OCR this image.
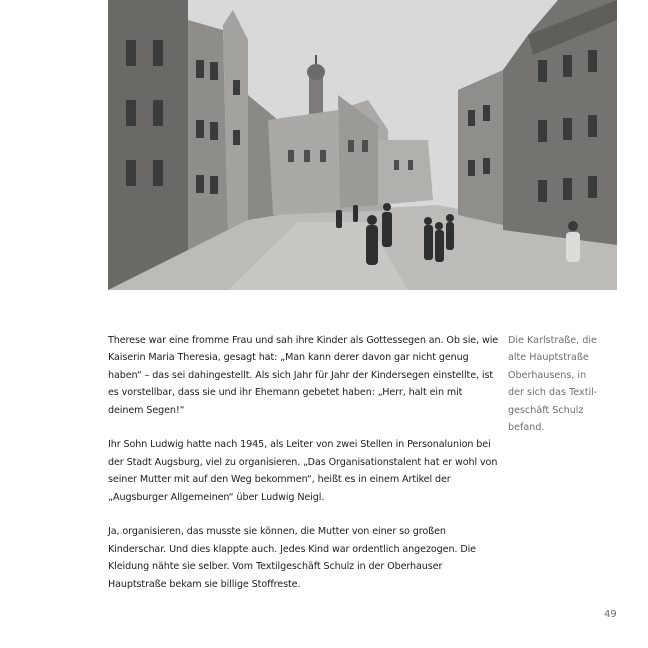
Therese war eine fromme Frau und sah ihre Kinder als Gottessegen an. Ob sie, wie Kaiserin Maria Theresia, gesagt hat: „Man kann derer davon gar nicht genug haben“ – das sei dahingestellt. Als sich Jahr für Jahr der Kindersegen einstellte, ist es vorstellbar, dass sie und ihr Ehemann gebetet haben: „Herr, halt ein mit deinem Segen!“

Ihr Sohn Ludwig hatte nach 1945, als Leiter von zwei Stellen in Personalunion bei der Stadt Augsburg, viel zu organisieren. „Das Organisationstalent hat er wohl von seiner Mutter mit auf den Weg bekommen“, heißt es in einem Artikel der „Augsburger Allgemeinen“ über Ludwig Neigl.

Ja, organisieren, das musste sie können, die Mutter von einer so großen Kinderschar. Und dies klappte auch. Jedes Kind war ordentlich angezogen. Die Kleidung nähte sie selber. Vom Textilgeschäft Schulz in der Oberhauser Hauptstraße bekam sie billige Stoffreste.

Die Karlstraße, die
alte Hauptstraße
Oberhausens, in
der sich das Textil-
geschäft Schulz
befand.
49
